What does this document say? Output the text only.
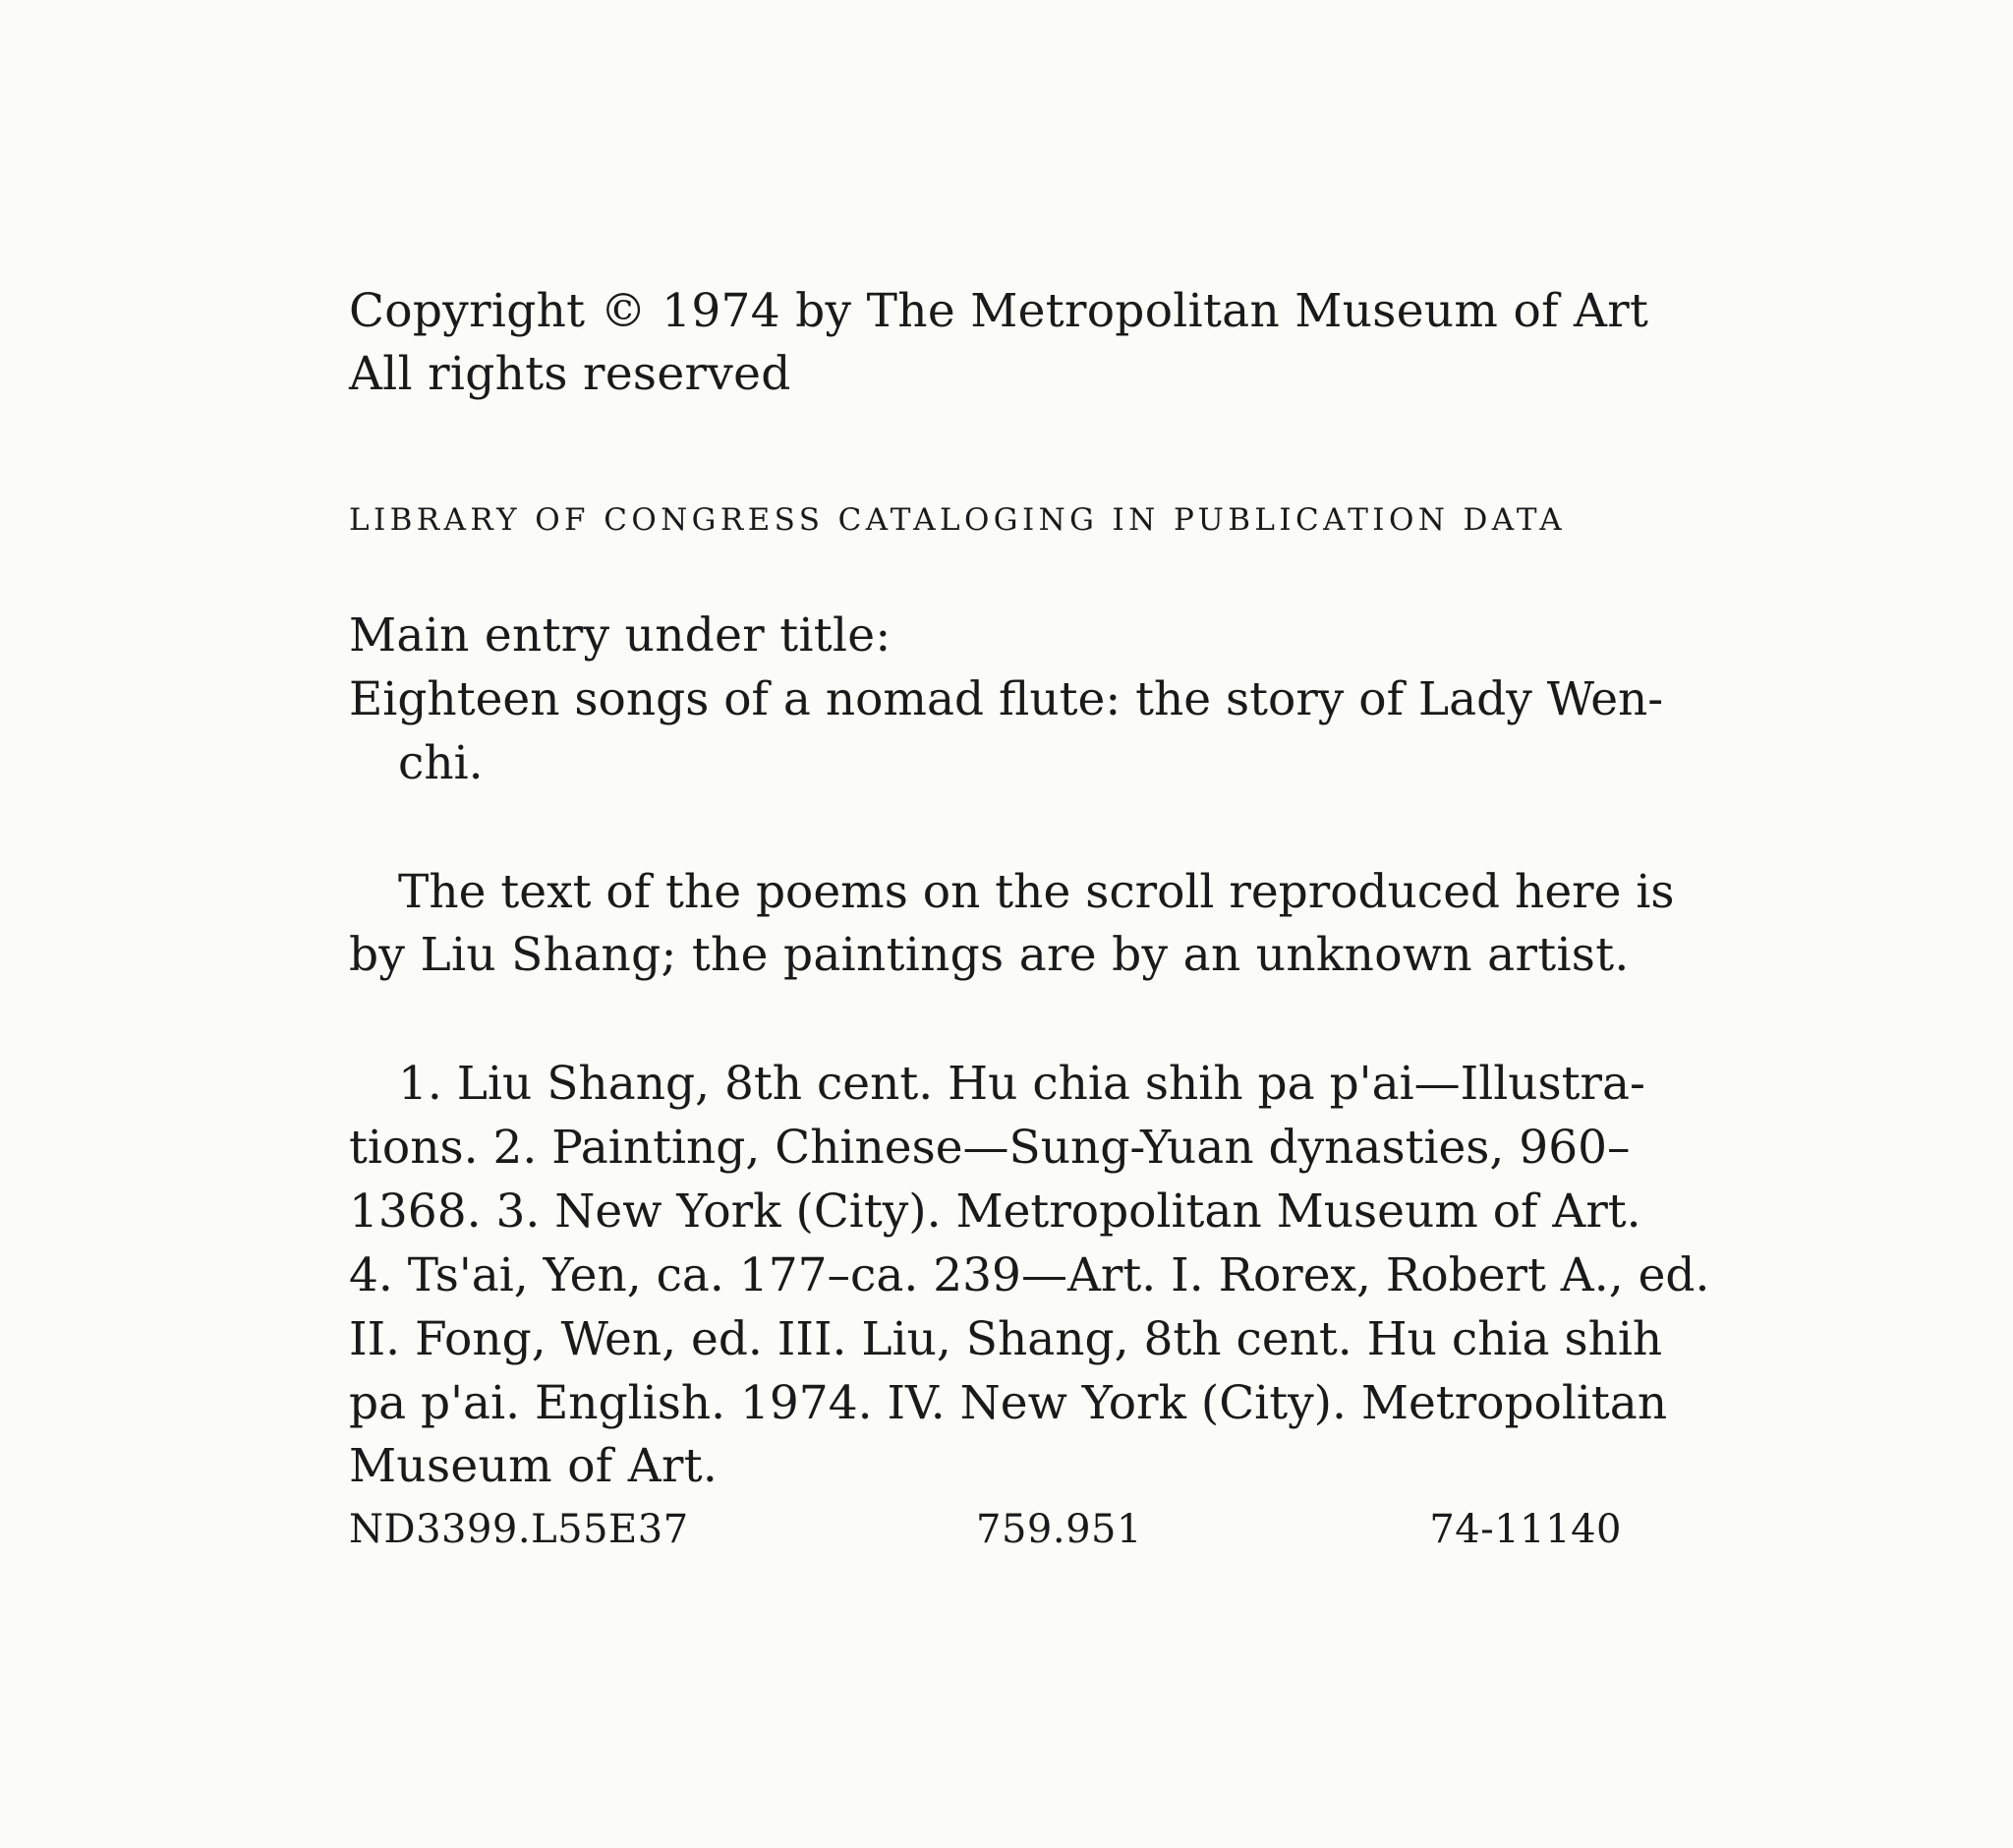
Copyright © 1974 by The Metropolitan Museum of Art
All rights reserved
LIBRARY OF CONGRESS CATALOGING IN PUBLICATION DATA
Main entry under title:
Eighteen songs of a nomad flute: the story of Lady Wen-
chi.
The text of the poems on the scroll reproduced here is
by Liu Shang; the paintings are by an unknown artist.
1. Liu Shang, 8th cent. Hu chia shih pa p'ai—Illustra-
tions. 2. Painting, Chinese—Sung-Yuan dynasties, 960–
1368. 3. New York (City). Metropolitan Museum of Art.
4. Ts'ai, Yen, ca. 177–ca. 239—Art. I. Rorex, Robert A., ed.
II. Fong, Wen, ed. III. Liu, Shang, 8th cent. Hu chia shih
pa p'ai. English. 1974. IV. New York (City). Metropolitan
Museum of Art.
ND3399.L55E37	759.951	74-11140
